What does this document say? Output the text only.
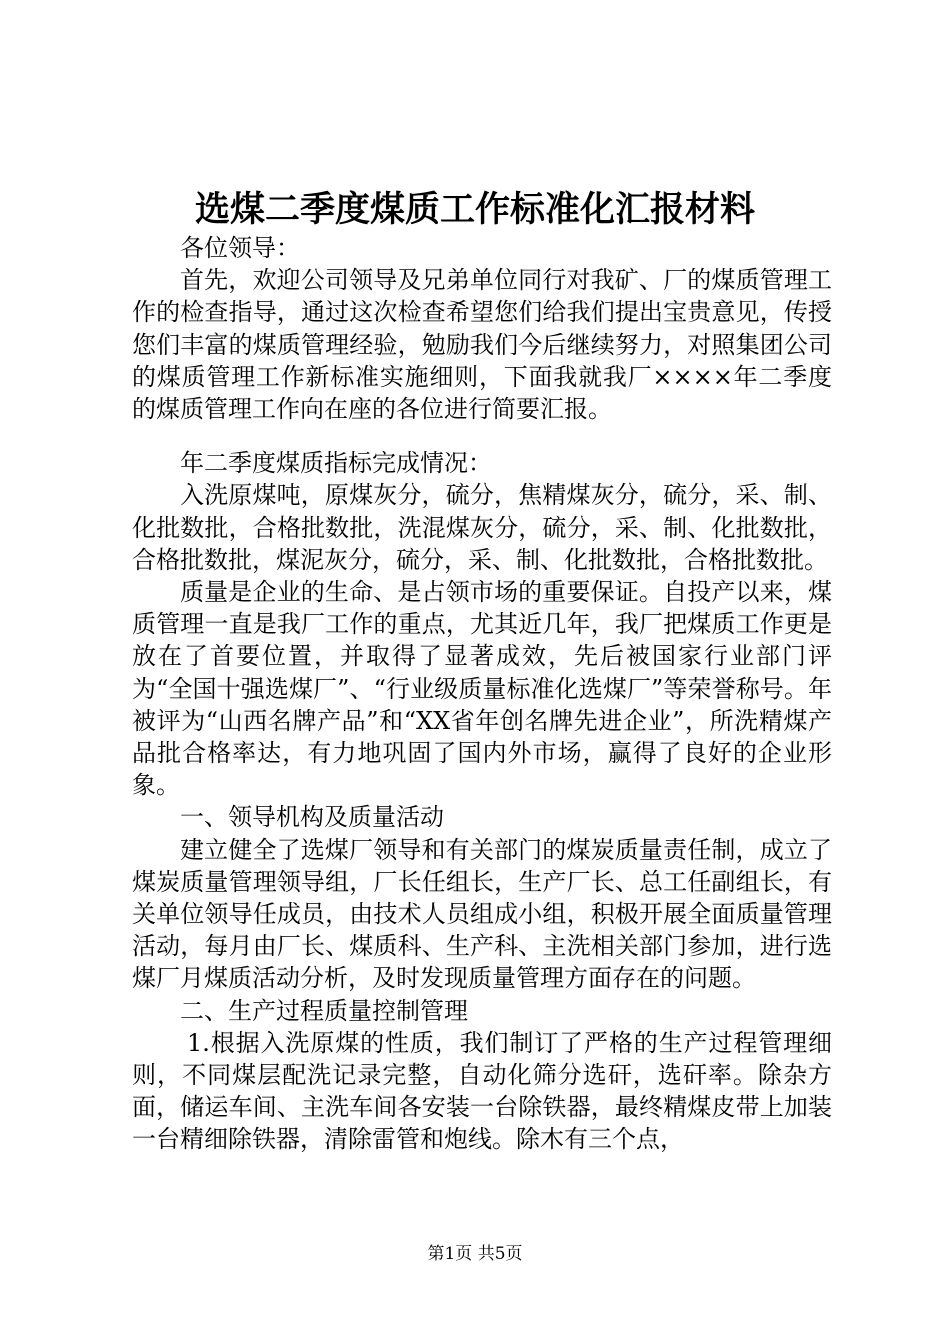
选煤二季度煤质工作标准化汇报材料

各位领导：

首先，欢迎公司领导及兄弟单位同行对我矿、厂的煤质管理工作的检查指导，通过这次检查希望您们给我们提出宝贵意见，传授您们丰富的煤质管理经验，勉励我们今后继续努力，对照集团公司的煤质管理工作新标准实施细则，下面我就我厂××××年二季度的煤质管理工作向在座的各位进行简要汇报。

年二季度煤质指标完成情况：

入洗原煤吨，原煤灰分，硫分，焦精煤灰分，硫分，采、制、化批数批，合格批数批，洗混煤灰分，硫分，采、制、化批数批，合格批数批，煤泥灰分，硫分，采、制、化批数批，合格批数批。

质量是企业的生命、是占领市场的重要保证。自投产以来，煤质管理一直是我厂工作的重点，尤其近几年，我厂把煤质工作更是放在了首要位置，并取得了显著成效，先后被国家行业部门评为“全国十强选煤厂”、“行业级质量标准化选煤厂”等荣誉称号。年被评为“山西名牌产品”和“XX省年创名牌先进企业”，所洗精煤产品批合格率达，有力地巩固了国内外市场，赢得了良好的企业形象。

一、领导机构及质量活动

建立健全了选煤厂领导和有关部门的煤炭质量责任制，成立了煤炭质量管理领导组，厂长任组长，生产厂长、总工任副组长，有关单位领导任成员，由技术人员组成小组，积极开展全面质量管理活动，每月由厂长、煤质科、生产科、主洗相关部门参加，进行选煤厂月煤质活动分析，及时发现质量管理方面存在的问题。

二、生产过程质量控制管理

1.根据入洗原煤的性质，我们制订了严格的生产过程管理细则，不同煤层配洗记录完整，自动化筛分选矸，选矸率。除杂方面，储运车间、主洗车间各安装一台除铁器，最终精煤皮带上加装一台精细除铁器，清除雷管和炮线。除木有三个点，

第1页 共5页
